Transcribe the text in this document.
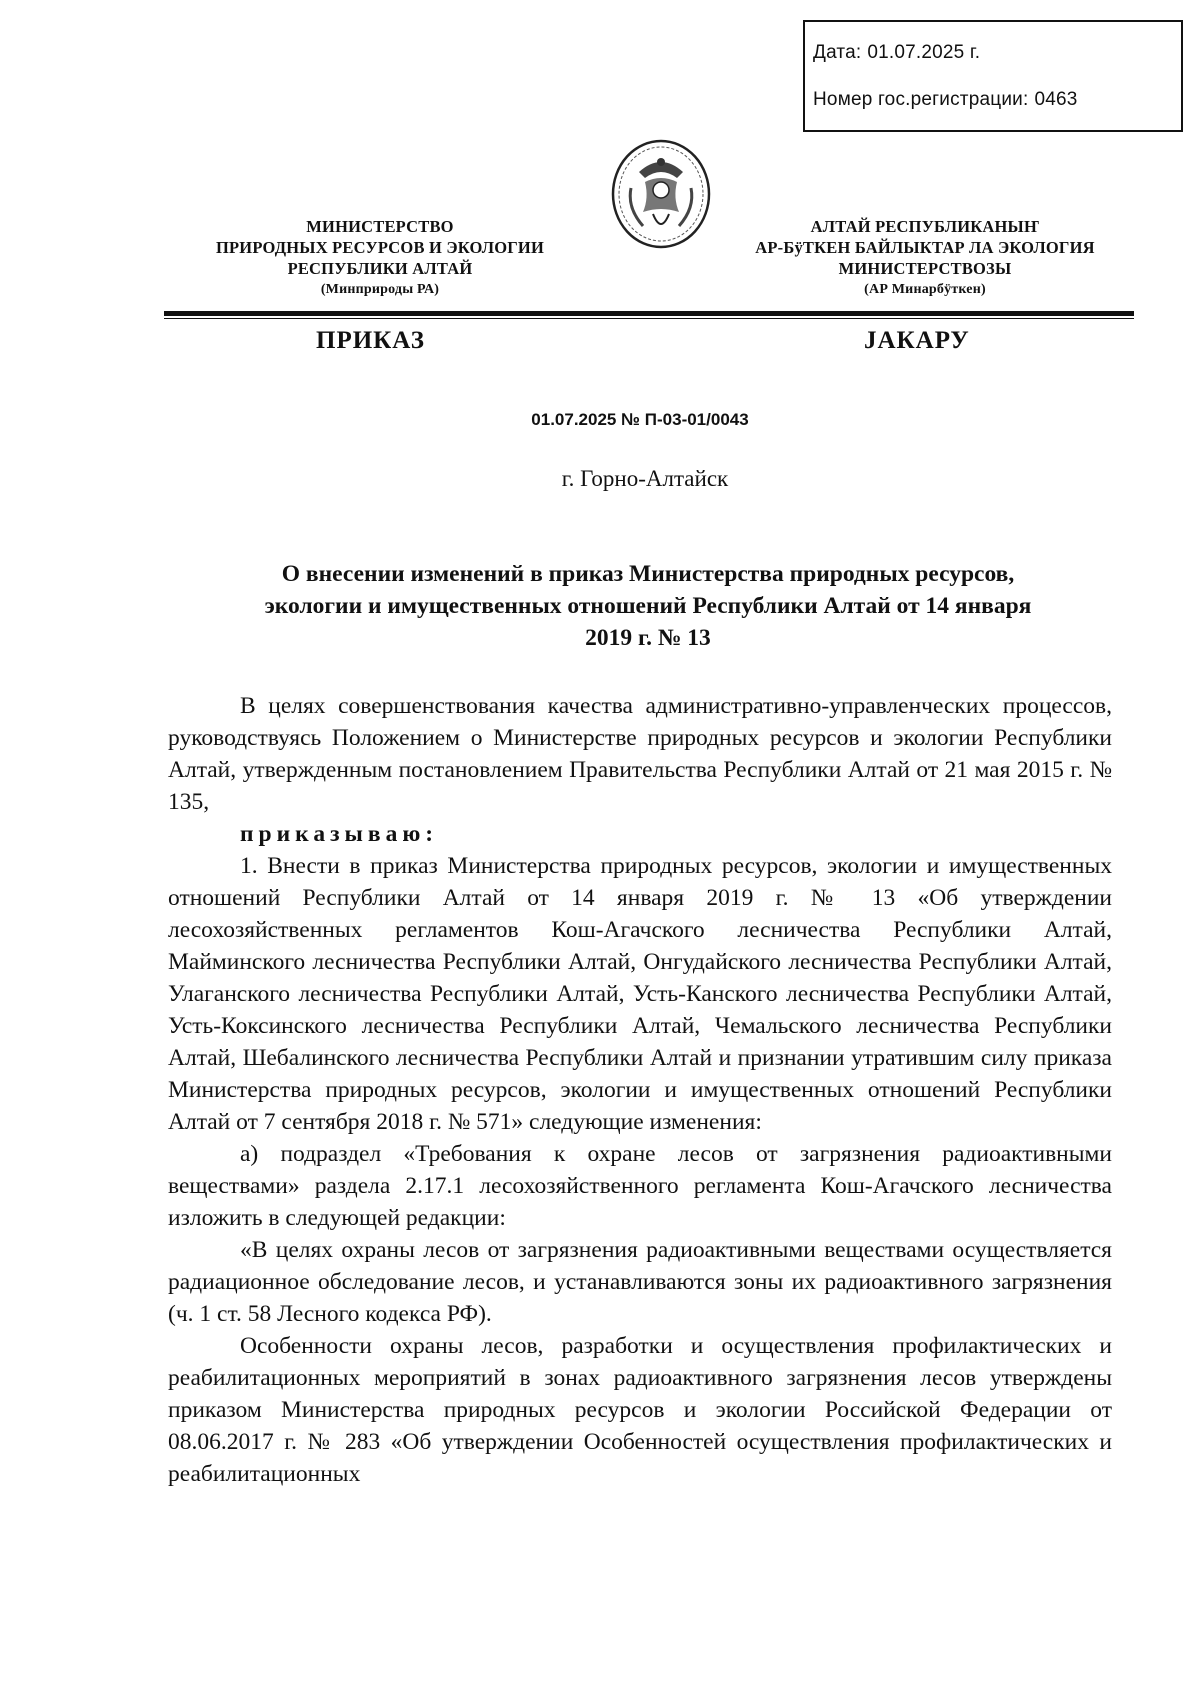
Дата: 01.07.2025 г.
Номер гос.регистрации: 0463
МИНИСТЕРСТВО
ПРИРОДНЫХ РЕСУРСОВ И ЭКОЛОГИИ
РЕСПУБЛИКИ АЛТАЙ
(Минприроды РА)
АЛТАЙ РЕСПУБЛИКАНЫҤ
АР-БÿТКЕН БАЙЛЫКТАР ЛА ЭКОЛОГИЯ
МИНИСТЕРСТВОЗЫ
(АР Минарбÿткен)
ПРИКАЗ	JАКАРУ
01.07.2025 № П-03-01/0043
г. Горно-Алтайск
О внесении изменений в приказ Министерства природных ресурсов,
экологии и имущественных отношений Республики Алтай от 14 января
2019 г. № 13

В целях совершенствования качества административно-управленческих процессов, руководствуясь Положением о Министерстве природных ресурсов и экологии Республики Алтай, утвержденным постановлением Правительства Республики Алтай от 21 мая 2015 г. № 135,

приказываю:

1. Внести в приказ Министерства природных ресурсов, экологии и имущественных отношений Республики Алтай от 14 января 2019 г. № 13 «Об утверждении лесохозяйственных регламентов Кош-Агачского лесничества Республики Алтай, Майминского лесничества Республики Алтай, Онгудайского лесничества Республики Алтай, Улаганского лесничества Республики Алтай, Усть-Канского лесничества Республики Алтай, Усть-Коксинского лесничества Республики Алтай, Чемальского лесничества Республики Алтай, Шебалинского лесничества Республики Алтай и признании утратившим силу приказа Министерства природных ресурсов, экологии и имущественных отношений Республики Алтай от 7 сентября 2018 г. № 571» следующие изменения:

а) подраздел «Требования к охране лесов от загрязнения радиоактивными веществами» раздела 2.17.1 лесохозяйственного регламента Кош-Агачского лесничества изложить в следующей редакции:

«В целях охраны лесов от загрязнения радиоактивными веществами осуществляется радиационное обследование лесов, и устанавливаются зоны их радиоактивного загрязнения (ч. 1 ст. 58 Лесного кодекса РФ).

Особенности охраны лесов, разработки и осуществления профилактических и реабилитационных мероприятий в зонах радиоактивного загрязнения лесов утверждены приказом Министерства природных ресурсов и экологии Российской Федерации от 08.06.2017 г. № 283 «Об утверждении Особенностей осуществления профилактических и реабилитационных
